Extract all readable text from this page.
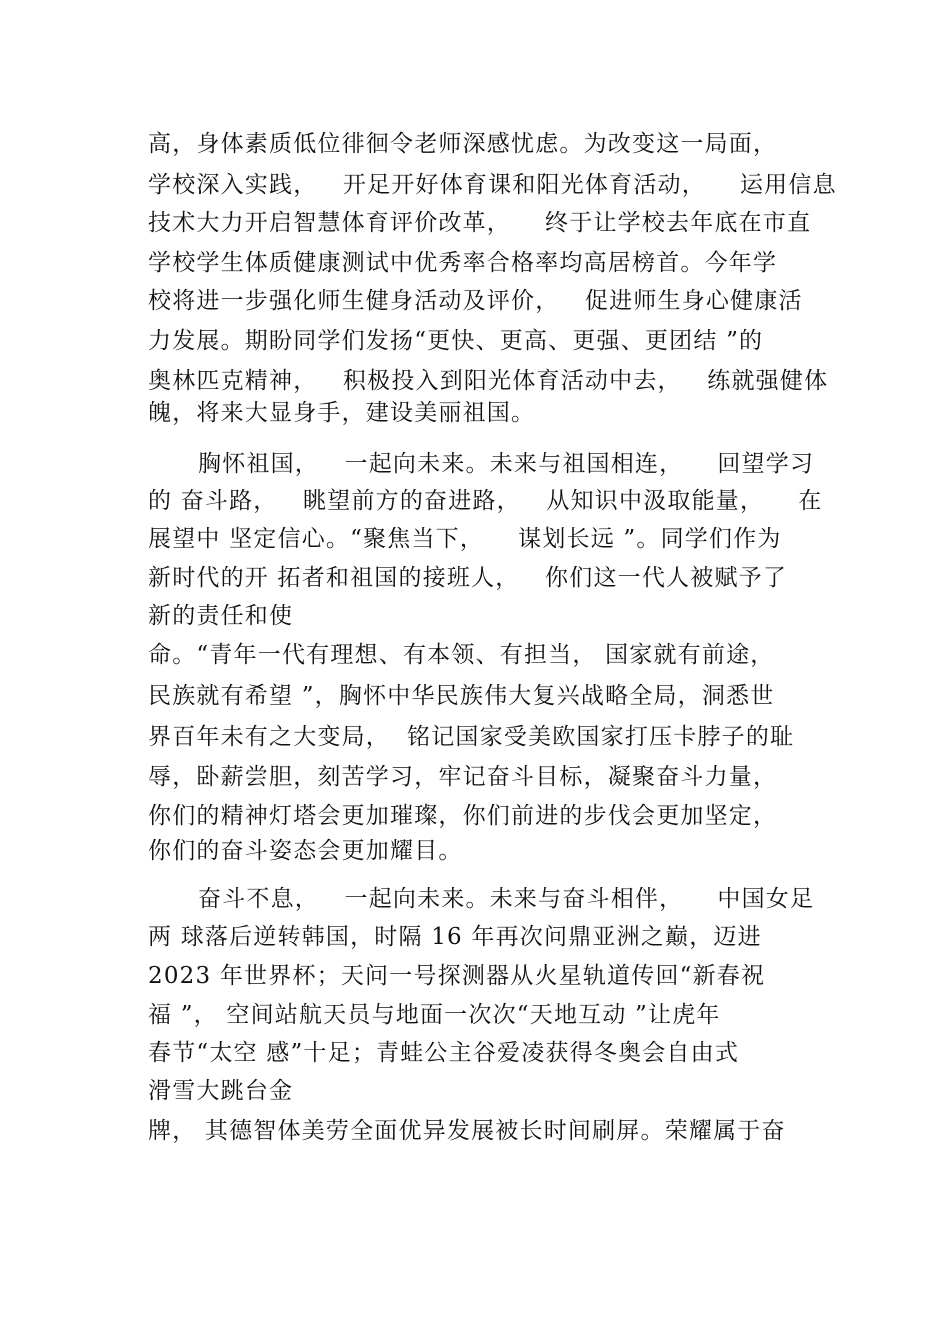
高，身体素质低位徘徊令老师深感忧虑。为改变这一局面，
学校深入实践，   开足开好体育课和阳光体育活动，    运用信息
技术大力开启智慧体育评价改革，    终于让学校去年底在市直
学校学生体质健康测试中优秀率合格率均高居榜首。今年学
校将进一步强化师生健身活动及评价，   促进师生身心健康活
力发展。期盼同学们发扬“更快、更高、更强、更团结 ”的
奥林匹克精神，   积极投入到阳光体育活动中去，   练就强健体
魄，将来大显身手，建设美丽祖国。
胸怀祖国，   一起向未来。未来与祖国相连，    回望学习
的 奋斗路，   眺望前方的奋进路，   从知识中汲取能量，    在
展望中 坚定信心。“聚焦当下，    谋划长远 ”。同学们作为
新时代的开 拓者和祖国的接班人，   你们这一代人被赋予了
新的责任和使
命。“青年一代有理想、有本领、有担当， 国家就有前途，
民族就有希望 ”，胸怀中华民族伟大复兴战略全局，洞悉世
界百年未有之大变局，  铭记国家受美欧国家打压卡脖子的耻
辱，卧薪尝胆，刻苦学习，牢记奋斗目标，凝聚奋斗力量，
你们的精神灯塔会更加璀璨，你们前进的步伐会更加坚定，
你们的奋斗姿态会更加耀目。
奋斗不息，   一起向未来。未来与奋斗相伴，    中国女足
两 球落后逆转韩国，时隔 16 年再次问鼎亚洲之巅，迈进
2023 年世界杯；天问一号探测器从火星轨道传回“新春祝
福 ”， 空间站航天员与地面一次次“天地互动 ”让虎年
春节“太空 感”十足；青蛙公主谷爱凌获得冬奥会自由式
滑雪大跳台金
牌， 其德智体美劳全面优异发展被长时间刷屏。荣耀属于奋
